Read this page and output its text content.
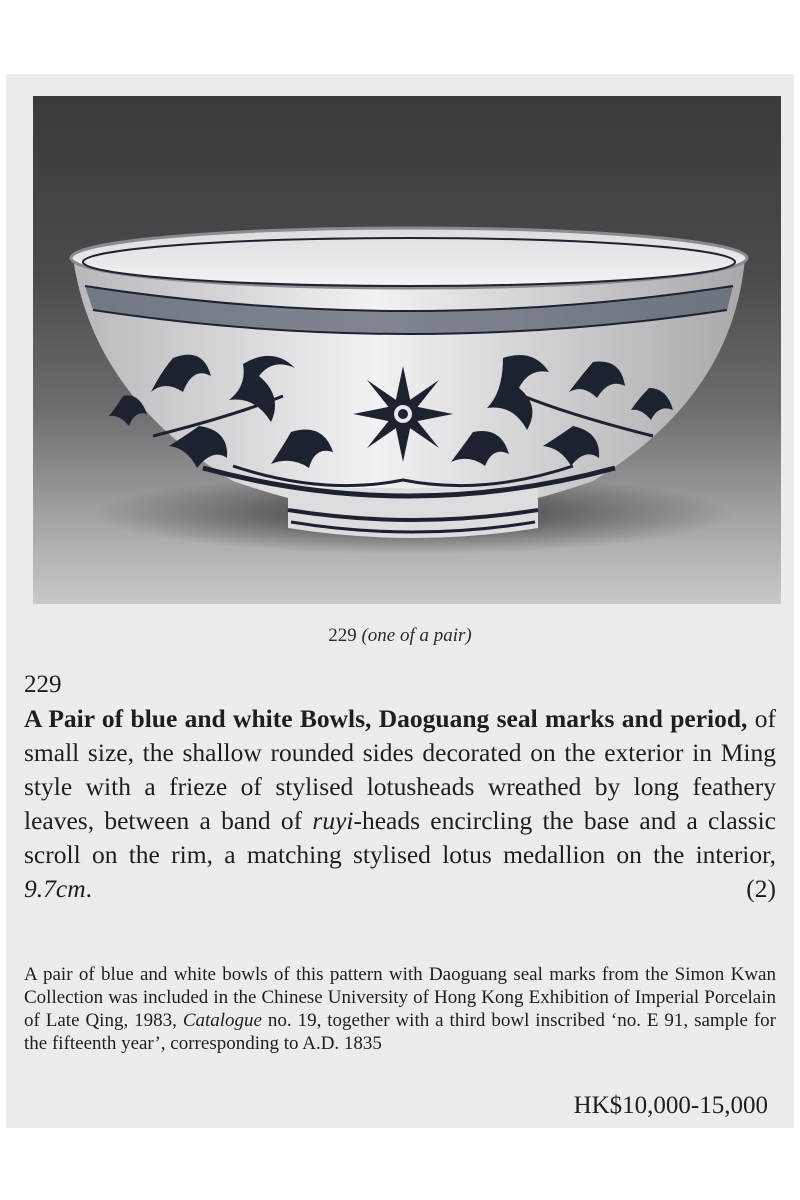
229 (one of a pair)
229
A Pair of blue and white Bowls, Daoguang seal marks and period, of small size, the shallow rounded sides decorated on the exterior in Ming style with a frieze of stylised lotusheads wreathed by long feathery leaves, between a band of ruyi-heads encircling the base and a classic scroll on the rim, a matching stylised lotus medallion on the interior, 9.7cm.	(2)
A pair of blue and white bowls of this pattern with Daoguang seal marks from the Simon Kwan Collection was included in the Chinese University of Hong Kong Exhibition of Imperial Porcelain of Late Qing, 1983, Catalogue no. 19, together with a third bowl inscribed ‘no. E 91, sample for the fifteenth year’, corresponding to A.D. 1835
HK$10,000-15,000
